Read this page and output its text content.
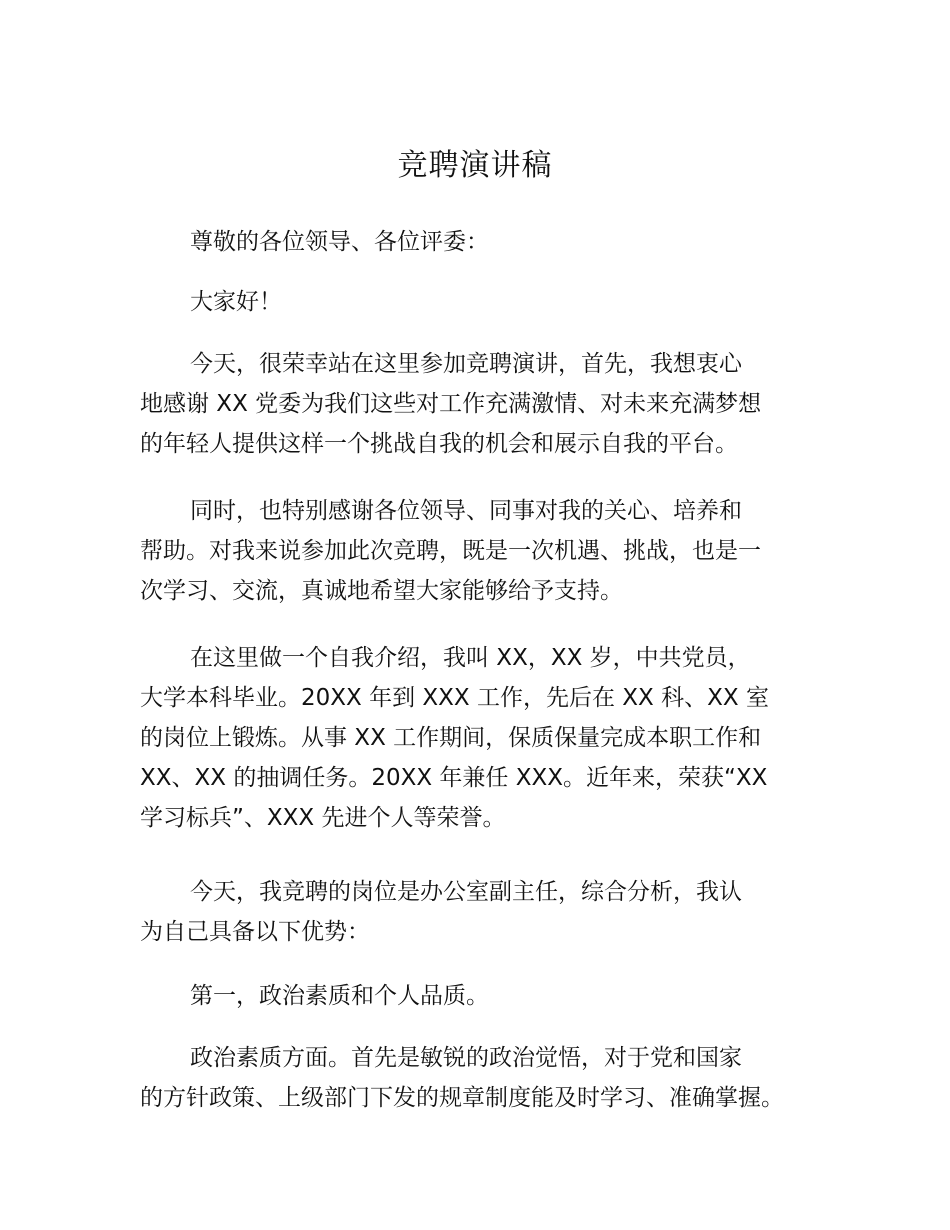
竞聘演讲稿
尊敬的各位领导、各位评委：
大家好！
今天，很荣幸站在这里参加竞聘演讲，首先，我想衷心
地感谢 XX 党委为我们这些对工作充满激情、对未来充满梦想
的年轻人提供这样一个挑战自我的机会和展示自我的平台。
同时，也特别感谢各位领导、同事对我的关心、培养和
帮助。对我来说参加此次竞聘，既是一次机遇、挑战，也是一
次学习、交流，真诚地希望大家能够给予支持。
在这里做一个自我介绍，我叫 XX，XX 岁，中共党员，
大学本科毕业。20XX 年到 XXX 工作，先后在 XX 科、XX 室
的岗位上锻炼。从事 XX 工作期间，保质保量完成本职工作和
XX、XX 的抽调任务。20XX 年兼任 XXX。近年来，荣获“XX
学习标兵”、XXX 先进个人等荣誉。
今天，我竞聘的岗位是办公室副主任，综合分析，我认
为自己具备以下优势：
第一，政治素质和个人品质。
政治素质方面。首先是敏锐的政治觉悟，对于党和国家
的方针政策、上级部门下发的规章制度能及时学习、准确掌握。
